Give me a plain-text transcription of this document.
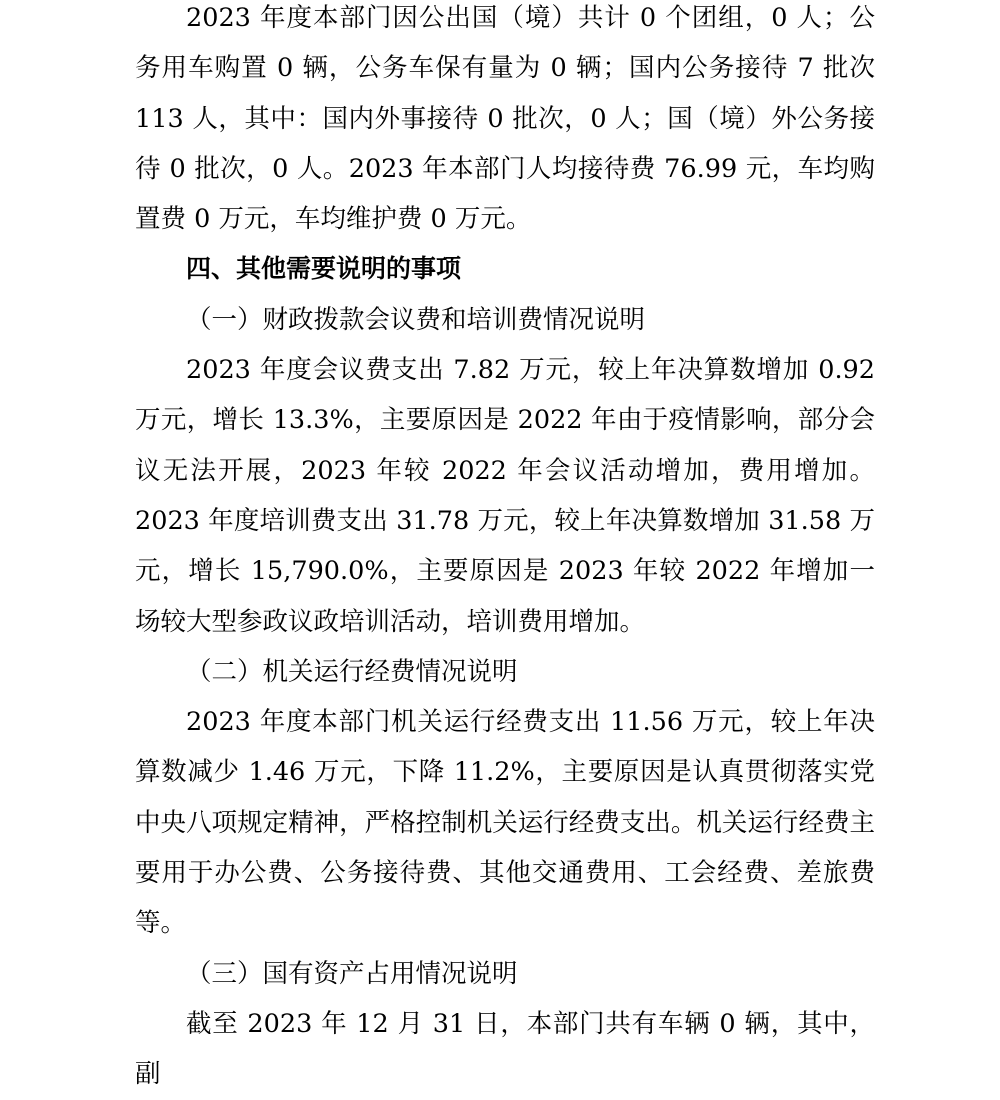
2023 年度本部门因公出国（境）共计 0 个团组，0 人；公务用车购置 0 辆，公务车保有量为 0 辆；国内公务接待 7 批次 113 人，其中：国内外事接待 0 批次，0 人；国（境）外公务接待 0 批次，0 人。2023 年本部门人均接待费 76.99 元，车均购置费 0 万元，车均维护费 0 万元。

四、其他需要说明的事项

（一）财政拨款会议费和培训费情况说明

2023 年度会议费支出 7.82 万元，较上年决算数增加 0.92 万元，增长 13.3%，主要原因是 2022 年由于疫情影响，部分会议无法开展，2023 年较 2022 年会议活动增加，费用增加。2023 年度培训费支出 31.78 万元，较上年决算数增加 31.58 万元，增长 15,790.0%，主要原因是 2023 年较 2022 年增加一场较大型参政议政培训活动，培训费用增加。

（二）机关运行经费情况说明

2023 年度本部门机关运行经费支出 11.56 万元，较上年决算数减少 1.46 万元，下降 11.2%，主要原因是认真贯彻落实党中央八项规定精神，严格控制机关运行经费支出。机关运行经费主要用于办公费、公务接待费、其他交通费用、工会经费、差旅费等。

（三）国有资产占用情况说明

截至 2023 年 12 月 31 日，本部门共有车辆 0 辆，其中，副
